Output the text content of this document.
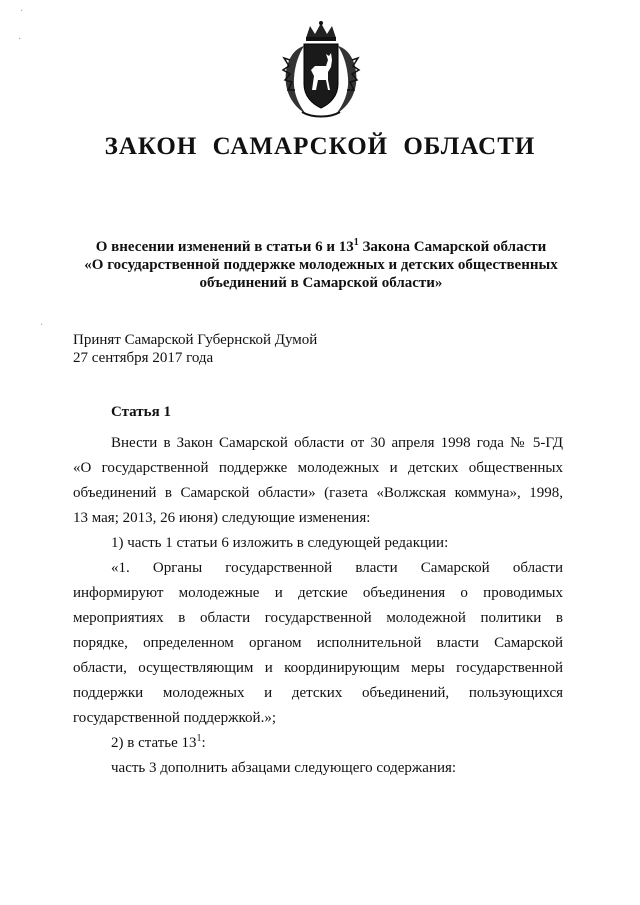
·
·
ЗАКОН САМАРСКОЙ ОБЛАСТИ
О внесении изменений в статьи 6 и $13^1$ Закона Самарской области
«О государственной поддержке молодежных и детских общественных
объединений в Самарской области»
·
Принят Самарской Губернской Думой
27 сентября 2017 года
Статья 1

Внести в Закон Самарской области от 30 апреля 1998 года № 5-ГД

«О государственной поддержке молодежных и детских общественных

объединений в Самарской области» (газета «Волжская коммуна», 1998,

13 мая; 2013, 26 июня) следующие изменения:

1) часть 1 статьи 6 изложить в следующей редакции:

«1. Органы государственной власти Самарской области

информируют молодежные и детские объединения о проводимых

мероприятиях в области государственной молодежной политики в

порядке, определенном органом исполнительной власти Самарской

области, осуществляющим и координирующим меры государственной

поддержки молодежных и детских объединений, пользующихся

государственной поддержкой.»;

2) в статье $13^1$:

часть 3 дополнить абзацами следующего содержания:
